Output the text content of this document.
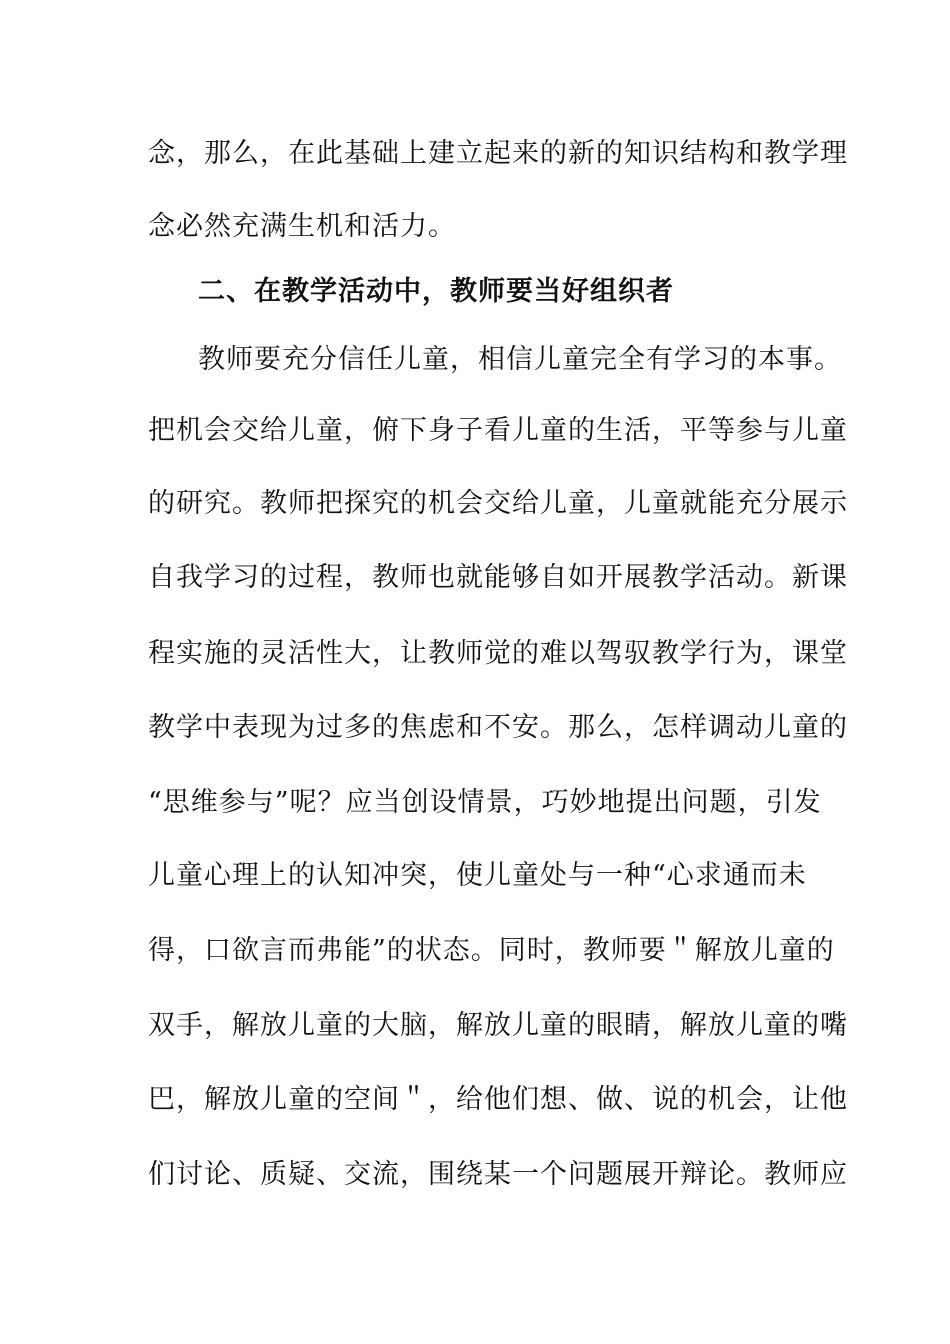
念，那么，在此基础上建立起来的新的知识结构和教学理
念必然充满生机和活力。
二、在教学活动中，教师要当好组织者
教师要充分信任儿童，相信儿童完全有学习的本事。
把机会交给儿童，俯下身子看儿童的生活，平等参与儿童
的研究。教师把探究的机会交给儿童，儿童就能充分展示
自我学习的过程，教师也就能够自如开展教学活动。新课
程实施的灵活性大，让教师觉的难以驾驭教学行为，课堂
教学中表现为过多的焦虑和不安。那么，怎样调动儿童的
“思维参与”呢？应当创设情景，巧妙地提出问题，引发
儿童心理上的认知冲突，使儿童处与一种“心求通而未
得，口欲言而弗能”的状态。同时，教师要＂解放儿童的
双手，解放儿童的大脑，解放儿童的眼睛，解放儿童的嘴
巴，解放儿童的空间＂，给他们想、做、说的机会，让他
们讨论、质疑、交流，围绕某一个问题展开辩论。教师应
